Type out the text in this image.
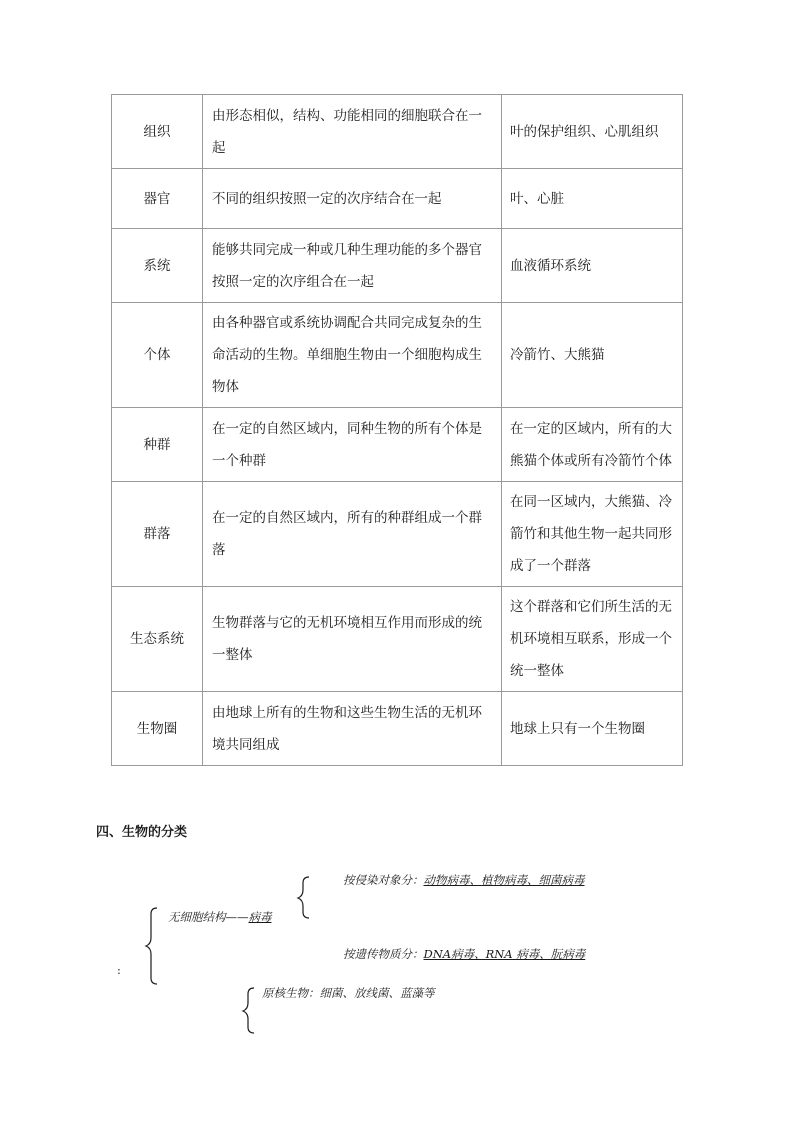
组织	由形态相似，结构、功能相同的细胞联合在一起	叶的保护组织、心肌组织
器官	不同的组织按照一定的次序结合在一起	叶、心脏
系统	能够共同完成一种或几种生理功能的多个器官按照一定的次序组合在一起	血液循环系统
个体	由各种器官或系统协调配合共同完成复杂的生命活动的生物。单细胞生物由一个细胞构成生物体	冷箭竹、大熊猫
种群	在一定的自然区域内，同种生物的所有个体是一个种群	在一定的区域内，所有的大熊猫个体或所有冷箭竹个体
群落	在一定的自然区域内，所有的种群组成一个群落	在同一区域内，大熊猫、冷箭竹和其他生物一起共同形成了一个群落
生态系统	生物群落与它的无机环境相互作用而形成的统一整体	这个群落和它们所生活的无机环境相互联系，形成一个统一整体
生物圈	由地球上所有的生物和这些生物生活的无机环境共同组成	地球上只有一个生物圈
四、生物的分类
无细胞结构——病毒
按侵染对象分：动物病毒、植物病毒、细菌病毒
按遗传物质分：DNA病毒、RNA 病毒、朊病毒
原核生物：细菌、放线菌、蓝藻等
:
